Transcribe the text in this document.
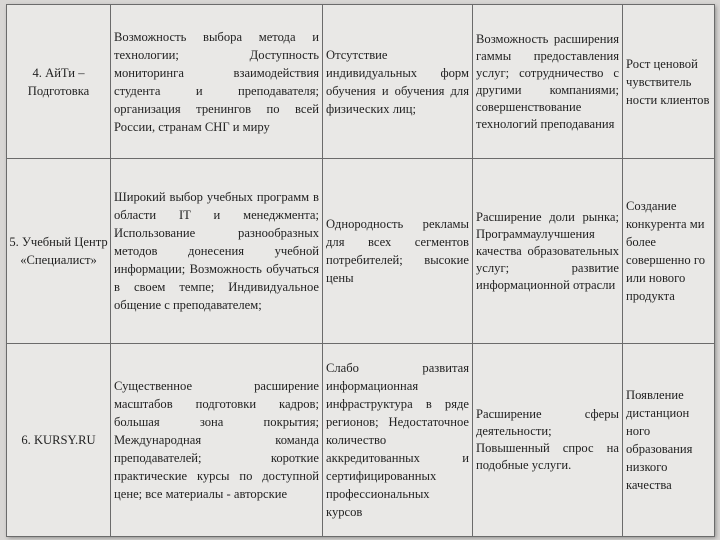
4. АйТи – Подготовка	Возможность выбора метода и технологии; Доступность мониторинга взаимодействия студента и преподавателя; организация тренингов по всей России, странам СНГ и миру	Отсутствие индивидуальных форм обучения и обучения для физических лиц;	Возможность расширения гаммы предоставления услуг; сотрудничество с другими компаниями; совершенствование технологий преподавания	Рост ценовой чувствитель ности клиентов
5. Учебный Центр «Специалист»	Широкий выбор учебных программ в области IT и менеджмента; Использование разнообразных методов донесения учебной информации; Возможность обучаться в своем темпе; Индивидуальное общение с преподавателем;	Однородность рекламы для всех сегментов потребителей; высокие цены	Расширение доли рынка; Программаулучшения качества образовательных услуг; развитие информационной отрасли	Создание конкурента ми более совершенно го или нового продукта
6. KURSY.RU	Существенное расширение масштабов подготовки кадров; большая зона покрытия; Международная команда преподавателей; короткие практические курсы по доступной цене; все материалы - авторские	Слабо развитая информационная инфраструктура в ряде регионов; Недостаточное количество аккредитованных и сертифицированных профессиональных курсов	Расширение сферы деятельности; Повышенный спрос на подобные услуги.	Появление дистанцион ного образования низкого качества
